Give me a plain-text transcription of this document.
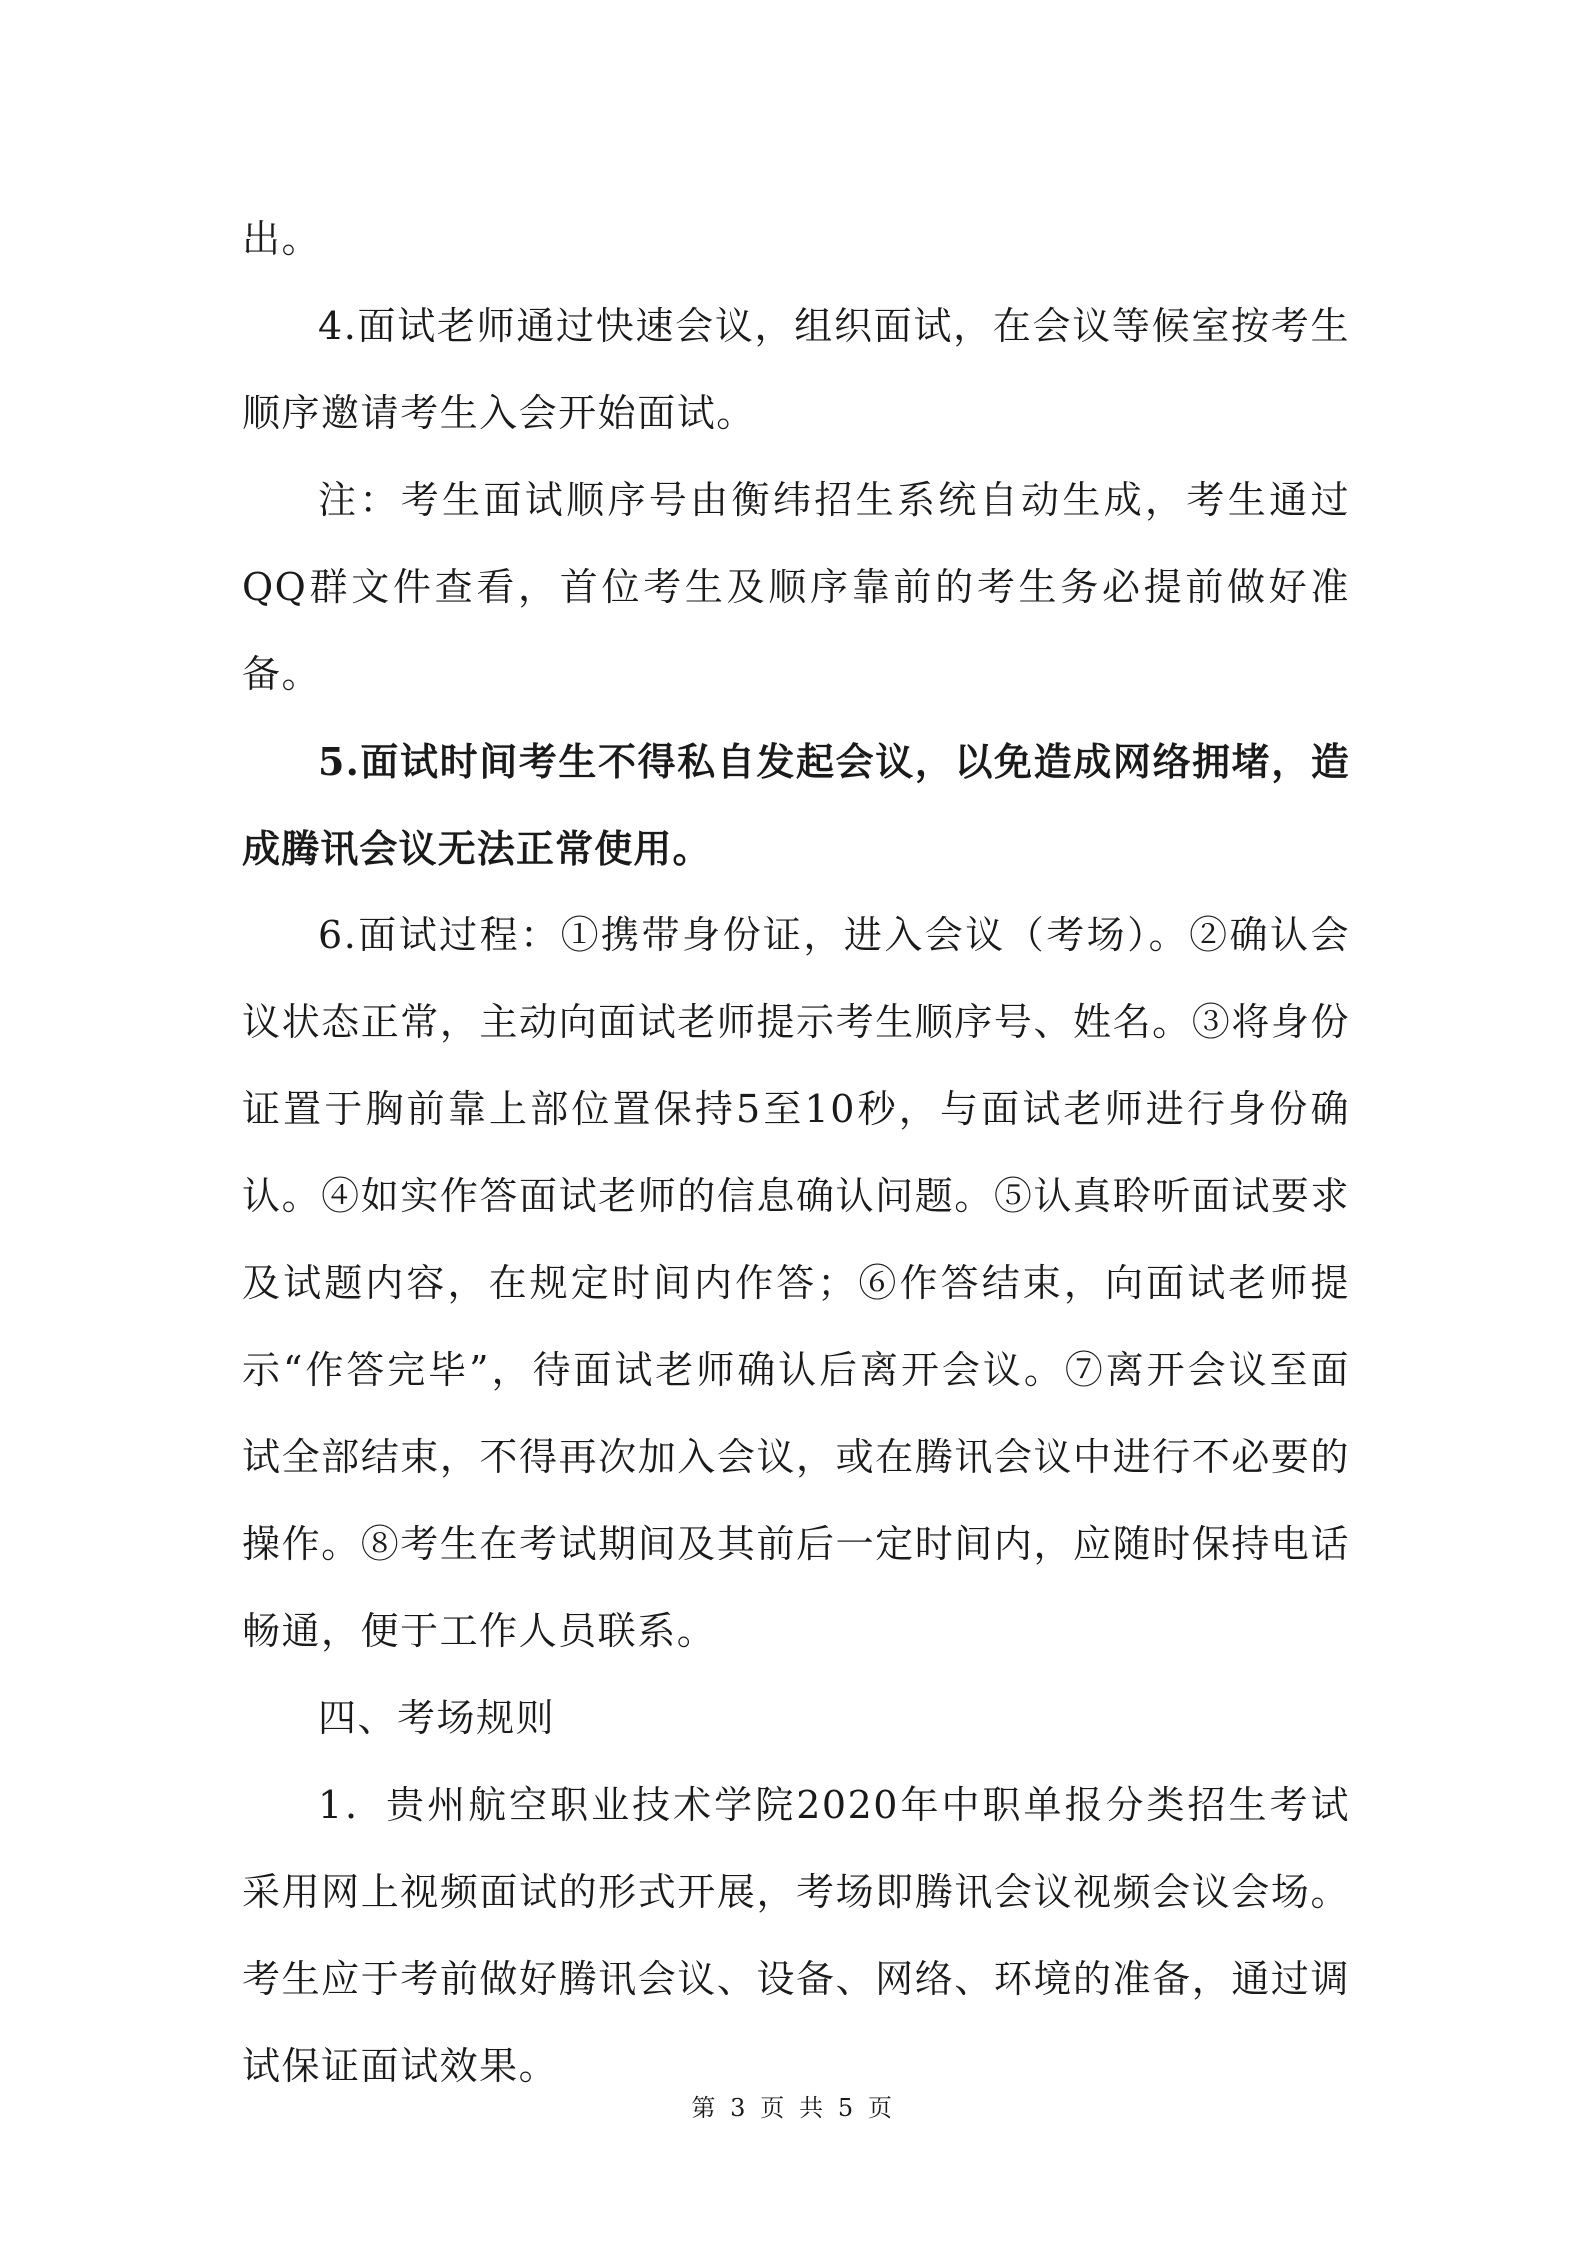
出。

4.面试老师通过快速会议，组织面试，在会议等候室按考生顺序邀请考生入会开始面试。

注：考生面试顺序号由衡纬招生系统自动生成，考生通过QQ群文件查看，首位考生及顺序靠前的考生务必提前做好准备。

5.面试时间考生不得私自发起会议，以免造成网络拥堵，造成腾讯会议无法正常使用。

6.面试过程：①携带身份证，进入会议（考场）。②确认会议状态正常，主动向面试老师提示考生顺序号、姓名。③将身份证置于胸前靠上部位置保持5至10秒，与面试老师进行身份确认。④如实作答面试老师的信息确认问题。⑤认真聆听面试要求及试题内容，在规定时间内作答；⑥作答结束，向面试老师提示“作答完毕”，待面试老师确认后离开会议。⑦离开会议至面试全部结束，不得再次加入会议，或在腾讯会议中进行不必要的操作。⑧考生在考试期间及其前后一定时间内，应随时保持电话畅通，便于工作人员联系。

四、考场规则

1．贵州航空职业技术学院2020年中职单报分类招生考试采用网上视频面试的形式开展，考场即腾讯会议视频会议会场。考生应于考前做好腾讯会议、设备、网络、环境的准备，通过调试保证面试效果。

第 3 页 共 5 页
